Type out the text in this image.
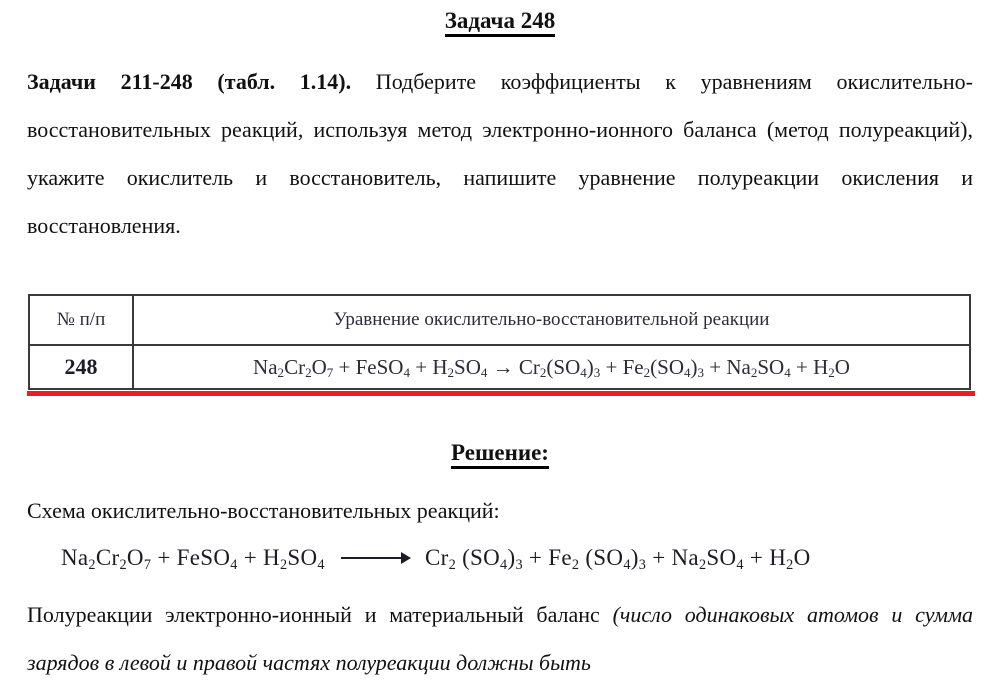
Задача 248

Задачи 211-248 (табл. 1.14). Подберите коэффициенты к уравнениям окислительно-восстановительных реакций, используя метод электронно-ионного баланса (метод полуреакций), укажите окислитель и восстановитель, напишите уравнение полуреакции окисления и восстановления.

№ п/п	Уравнение окислительно-восстановительной реакции
248	$Na_2Cr_2O_7$ + FeSO$_4$ + $H_2SO_4 \to Cr_2(SO_4)_3 + Fe_2(SO_4)_3 + Na_2SO_4 + H_2O$
Решение:
Схема окислительно-восстановительных реакций:
$Na_2Cr_2O_7$ + FeSO$_4$ + $H_2SO_4$	$Cr_2$ $(SO_4)_3 + Fe_2$ $(SO_4)_3 + Na_2SO_4 + H_2O$

Полуреакции электронно-ионный и материальный баланс (число одинаковых атомов и сумма зарядов в левой и правой частях полуреакции должны быть
